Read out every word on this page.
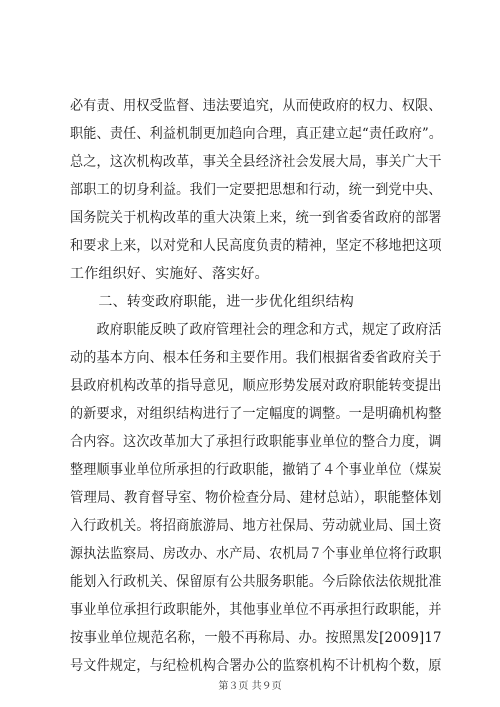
必有责、用权受监督、违法要追究，从而使政府的权力、权限、
职能、责任、利益机制更加趋向合理，真正建立起“责任政府”。
总之，这次机构改革，事关全县经济社会发展大局，事关广大干
部职工的切身利益。我们一定要把思想和行动，统一到党中央、
国务院关于机构改革的重大决策上来，统一到省委省政府的部署
和要求上来，以对党和人民高度负责的精神，坚定不移地把这项
工作组织好、实施好、落实好。
　　二、转变政府职能，进一步优化组织结构
　　政府职能反映了政府管理社会的理念和方式，规定了政府活
动的基本方向、根本任务和主要作用。我们根据省委省政府关于
县政府机构改革的指导意见，顺应形势发展对政府职能转变提出
的新要求，对组织结构进行了一定幅度的调整。一是明确机构整
合内容。这次改革加大了承担行政职能事业单位的整合力度，调
整理顺事业单位所承担的行政职能，撤销了４个事业单位（煤炭
管理局、教育督导室、物价检查分局、建材总站），职能整体划
入行政机关。将招商旅游局、地方社保局、劳动就业局、国土资
源执法监察局、房改办、水产局、农机局７个事业单位将行政职
能划入行政机关、保留原有公共服务职能。今后除依法依规批准
事业单位承担行政职能外，其他事业单位不再承担行政职能，并
按事业单位规范名称，一般不再称局、办。按照黑发[2009]17
号文件规定，与纪检机构合署办公的监察机构不计机构个数，原
第３页 共９页
